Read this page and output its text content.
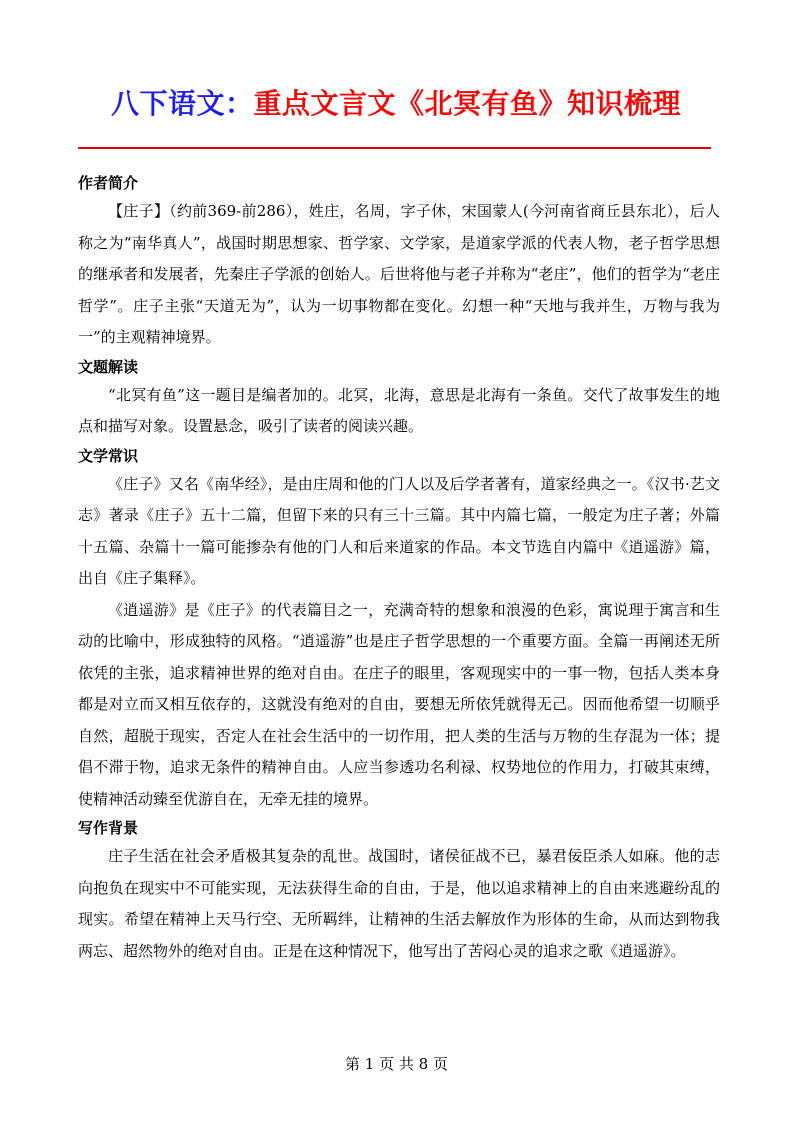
八下语文：重点文言文《北冥有鱼》知识梳理

作者简介

【庄子】（约前369-前286），姓庄，名周，字子休，宋国蒙人(今河南省商丘县东北），后人称之为“南华真人”，战国时期思想家、哲学家、文学家，是道家学派的代表人物，老子哲学思想的继承者和发展者，先秦庄子学派的创始人。后世将他与老子并称为“老庄”，他们的哲学为“老庄哲学”。庄子主张“天道无为”，认为一切事物都在变化。幻想一种“天地与我并生，万物与我为一”的主观精神境界。

文题解读

“北冥有鱼”这一题目是编者加的。北冥，北海，意思是北海有一条鱼。交代了故事发生的地点和描写对象。设置悬念，吸引了读者的阅读兴趣。

文学常识

《庄子》又名《南华经》，是由庄周和他的门人以及后学者著有，道家经典之一。《汉书·艺文志》著录《庄子》五十二篇，但留下来的只有三十三篇。其中内篇七篇，一般定为庄子著；外篇十五篇、杂篇十一篇可能掺杂有他的门人和后来道家的作品。本文节选自内篇中《逍遥游》篇，出自《庄子集释》。

《逍遥游》是《庄子》的代表篇目之一，充满奇特的想象和浪漫的色彩，寓说理于寓言和生动的比喻中，形成独特的风格。“逍遥游”也是庄子哲学思想的一个重要方面。全篇一再阐述无所依凭的主张，追求精神世界的绝对自由。在庄子的眼里，客观现实中的一事一物，包括人类本身都是对立而又相互依存的，这就没有绝对的自由，要想无所依凭就得无己。因而他希望一切顺乎自然，超脱于现实，否定人在社会生活中的一切作用，把人类的生活与万物的生存混为一体；提倡不滞于物，追求无条件的精神自由。人应当参透功名利禄、权势地位的作用力，打破其束缚，使精神活动臻至优游自在，无牵无挂的境界。

写作背景

庄子生活在社会矛盾极其复杂的乱世。战国时，诸侯征战不已，暴君佞臣杀人如麻。他的志向抱负在现实中不可能实现，无法获得生命的自由，于是，他以追求精神上的自由来逃避纷乱的现实。希望在精神上天马行空、无所羁绊，让精神的生活去解放作为形体的生命，从而达到物我两忘、超然物外的绝对自由。正是在这种情况下，他写出了苦闷心灵的追求之歌《逍遥游》。

第 1 页 共 8 页
